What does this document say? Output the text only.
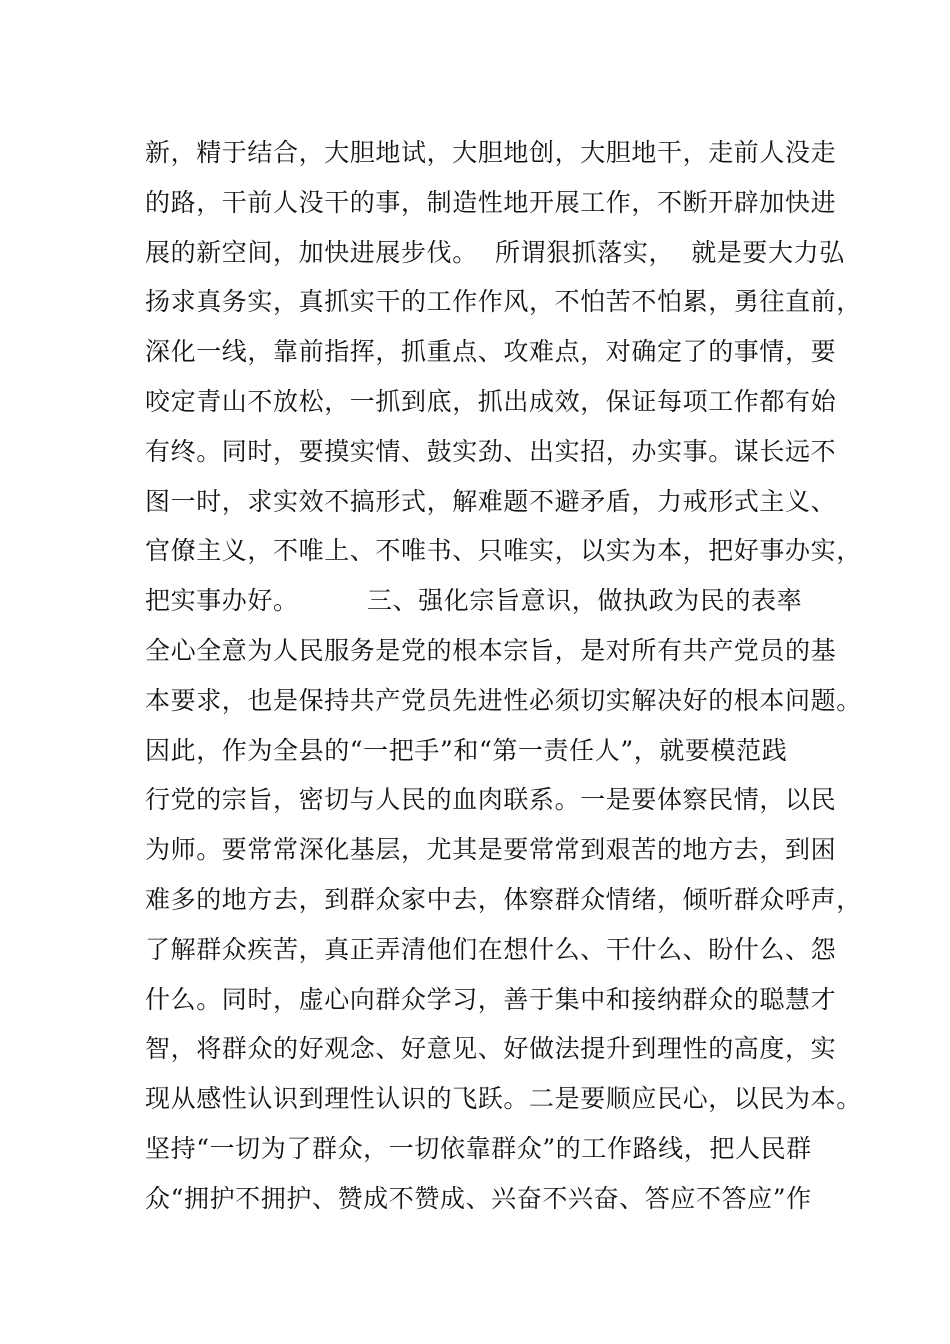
新，精于结合，大胆地试，大胆地创，大胆地干，走前人没走
的路，干前人没干的事，制造性地开展工作，不断开辟加快进
展的新空间，加快进展步伐。  所谓狠抓落实，  就是要大力弘
扬求真务实，真抓实干的工作作风，不怕苦不怕累，勇往直前，
深化一线，靠前指挥，抓重点、攻难点，对确定了的事情，要
咬定青山不放松，一抓到底，抓出成效，保证每项工作都有始
有终。同时，要摸实情、鼓实劲、出实招，办实事。谋长远不
图一时，求实效不搞形式，解难题不避矛盾，力戒形式主义、
官僚主义，不唯上、不唯书、只唯实，以实为本，把好事办实，
把实事办好。        三、强化宗旨意识，做执政为民的表率
全心全意为人民服务是党的根本宗旨，是对所有共产党员的基
本要求，也是保持共产党员先进性必须切实解决好的根本问题。
因此，作为全县的“一把手”和“第一责任人”，就要模范践
行党的宗旨，密切与人民的血肉联系。一是要体察民情，以民
为师。要常常深化基层，尤其是要常常到艰苦的地方去，到困
难多的地方去，到群众家中去，体察群众情绪，倾听群众呼声，
了解群众疾苦，真正弄清他们在想什么、干什么、盼什么、怨
什么。同时，虚心向群众学习，善于集中和接纳群众的聪慧才
智，将群众的好观念、好意见、好做法提升到理性的高度，实
现从感性认识到理性认识的飞跃。二是要顺应民心，以民为本。
坚持“一切为了群众，一切依靠群众”的工作路线，把人民群
众“拥护不拥护、赞成不赞成、兴奋不兴奋、答应不答应”作
